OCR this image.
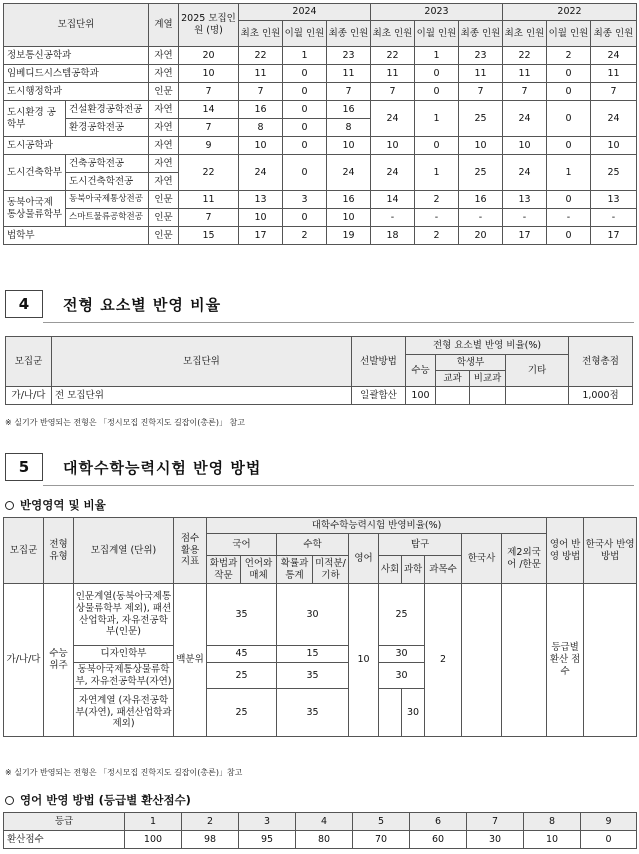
모집단위		계열	2025 모집인원 (명)	2024			2023			2022		
				최초 인원	이월 인원	최종 인원	최초 인원	이월 인원	최종 인원	최초 인원	이월 인원	최종 인원
정보통신공학과		자연	20	22	1	23	22	1	23	22	2	24
임베디드시스템공학과		자연	10	11	0	11	11	0	11	11	0	11
도시행정학과		인문	7	7	0	7	7	0	7	7	0	7
도시환경 공학부	건설환경공학전공	자연	14	16	0	16	24	1	25	24	0	24
	환경공학전공	자연	7	8	0	8						
도시공학과		자연	9	10	0	10	10	0	10	10	0	10
도시건축학부	건축공학전공	자연	22	24	0	24	24	1	25	24	1	25
	도시건축학전공	자연										
동북아국제 통상물류학부	동북아국제통상전공	인문	11	13	3	16	14	2	16	13	0	13
	스마트물류공학전공	인문	7	10	0	10	-	-	-	-	-	-
법학부		인문	15	17	2	19	18	2	20	17	0	17
4	전형 요소별 반영 비율
모집군	모집단위	선발방법	전형 요소별 반영 비율(%)				전형총점
			수능	학생부		기타	
				교과	비교과		
가/나/다	전 모집단위	일괄합산	100				1,000점
※ 실기가 반영되는 전형은 「정시모집 진학지도 길잡이(총론)」 참고
5	대학수학능력시험 반영 방법
반영영역 및 비율
모집군	전형 유형	모집계열 (단위)	점수 활용 지표	대학수학능력시험 반영비율(%)										영어 반영 방법	한국사 반영 방법
				국어		수학		영어	탐구			한국사	제2외국어 /한문		
				화법과 작문	언어와 매체	확률과 통계	미적분/ 기하		사회	과학	과목수				
가/나/다	수능 위주	인문계열(동북아국제통상물류학부 제외), 패션산업학과, 자유전공학부(인문)	백분위	35		30		10	25		2			등급별 환산 점수	
		디자인학부		45		15			30						
		동북아국제통상물류학부, 자유전공학부(자연)		25		35			30						
		자연계열 (자유전공학부(자연), 패션산업학과 제외)		25		35				30					
※ 실기가 반영되는 전형은 「정시모집 진학지도 길잡이(총론)」참고
영어 반영 방법 (등급별 환산점수)
등급	1	2	3	4	5	6	7	8	9
환산점수	100	98	95	80	70	60	30	10	0
